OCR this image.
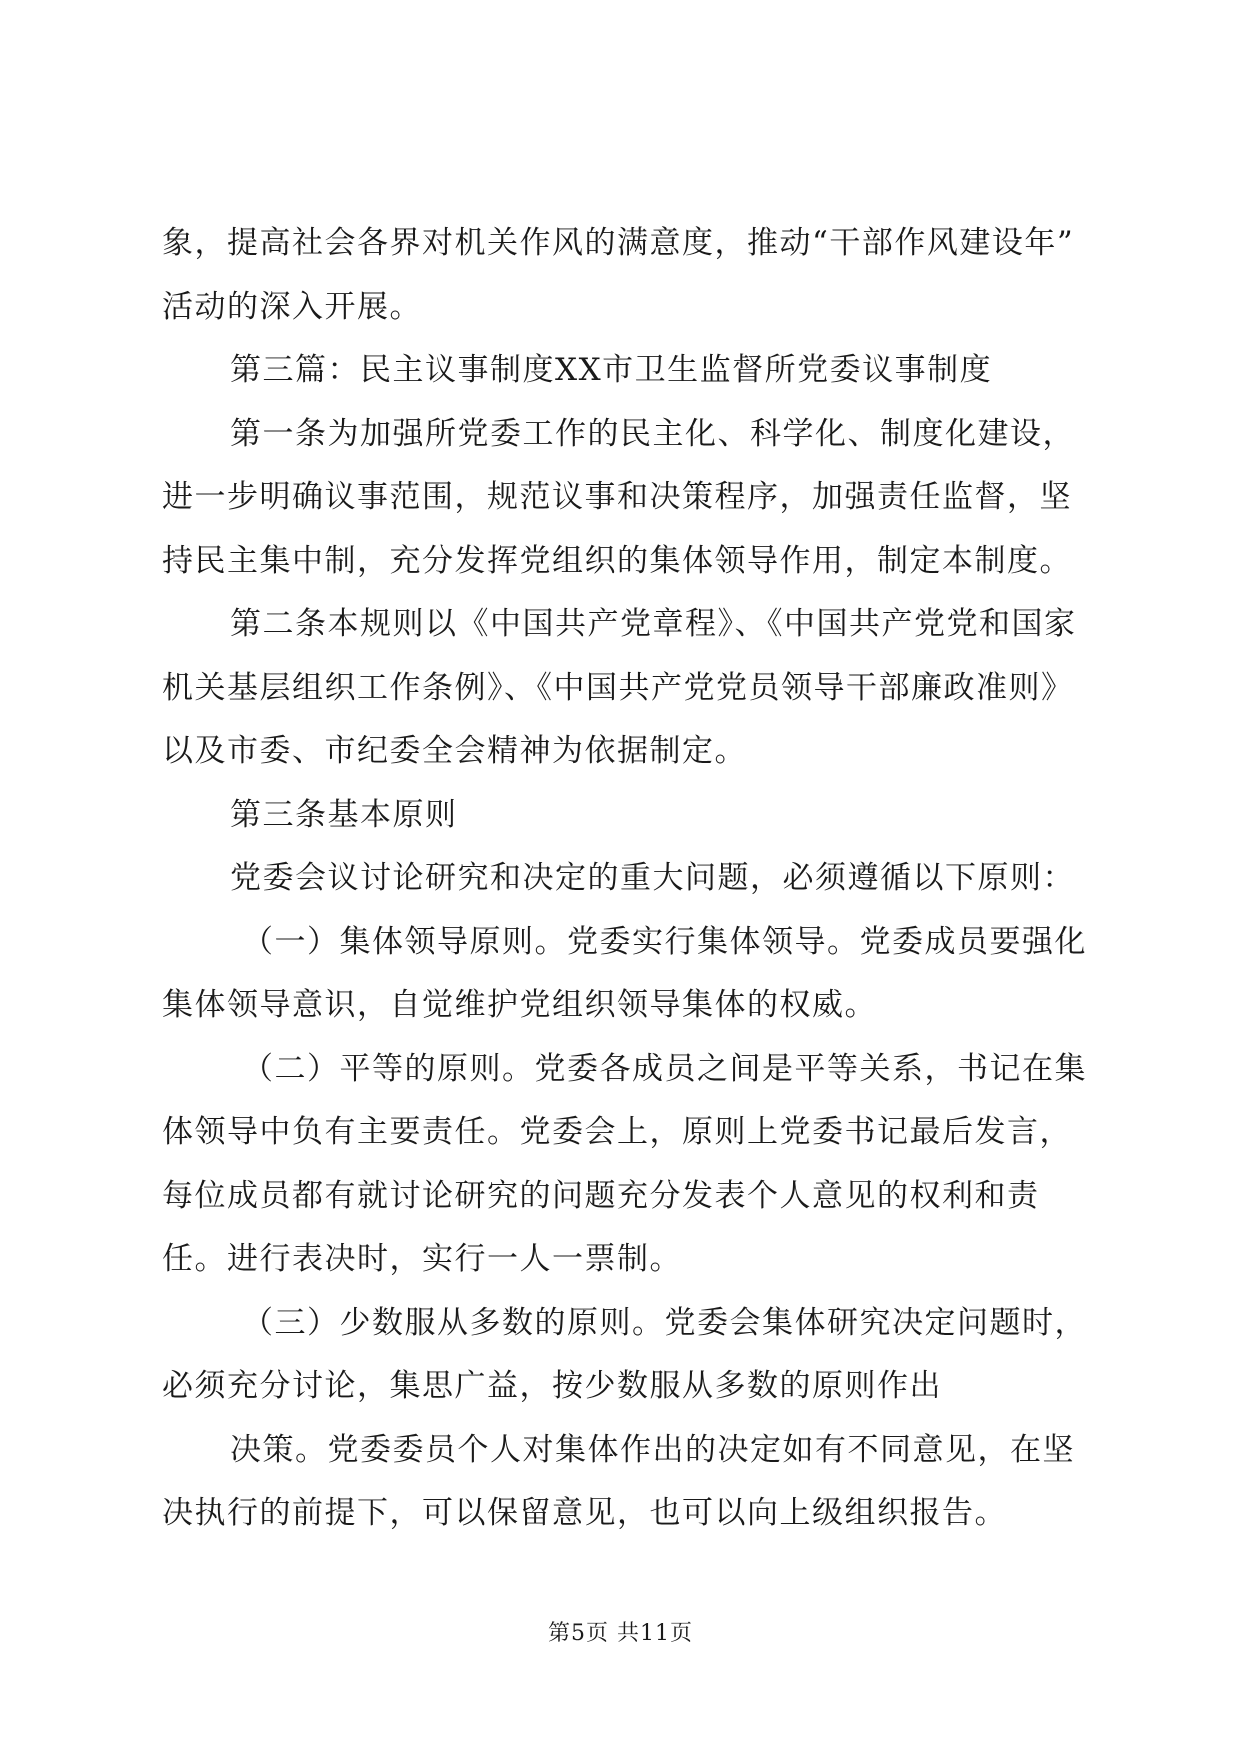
象，提高社会各界对机关作风的满意度，推动“干部作风建设年”
活动的深入开展。
第三篇：民主议事制度XX市卫生监督所党委议事制度
第一条为加强所党委工作的民主化、科学化、制度化建设，
进一步明确议事范围，规范议事和决策程序，加强责任监督，坚
持民主集中制，充分发挥党组织的集体领导作用，制定本制度。
第二条本规则以《中国共产党章程》、《中国共产党党和国家
机关基层组织工作条例》、《中国共产党党员领导干部廉政准则》
以及市委、市纪委全会精神为依据制定。
第三条基本原则
党委会议讨论研究和决定的重大问题，必须遵循以下原则：
（一）集体领导原则。党委实行集体领导。党委成员要强化
集体领导意识，自觉维护党组织领导集体的权威。
（二）平等的原则。党委各成员之间是平等关系，书记在集
体领导中负有主要责任。党委会上，原则上党委书记最后发言，
每位成员都有就讨论研究的问题充分发表个人意见的权利和责
任。进行表决时，实行一人一票制。
（三）少数服从多数的原则。党委会集体研究决定问题时，
必须充分讨论，集思广益，按少数服从多数的原则作出
决策。党委委员个人对集体作出的决定如有不同意见，在坚
决执行的前提下，可以保留意见，也可以向上级组织报告。
第5页 共11页
